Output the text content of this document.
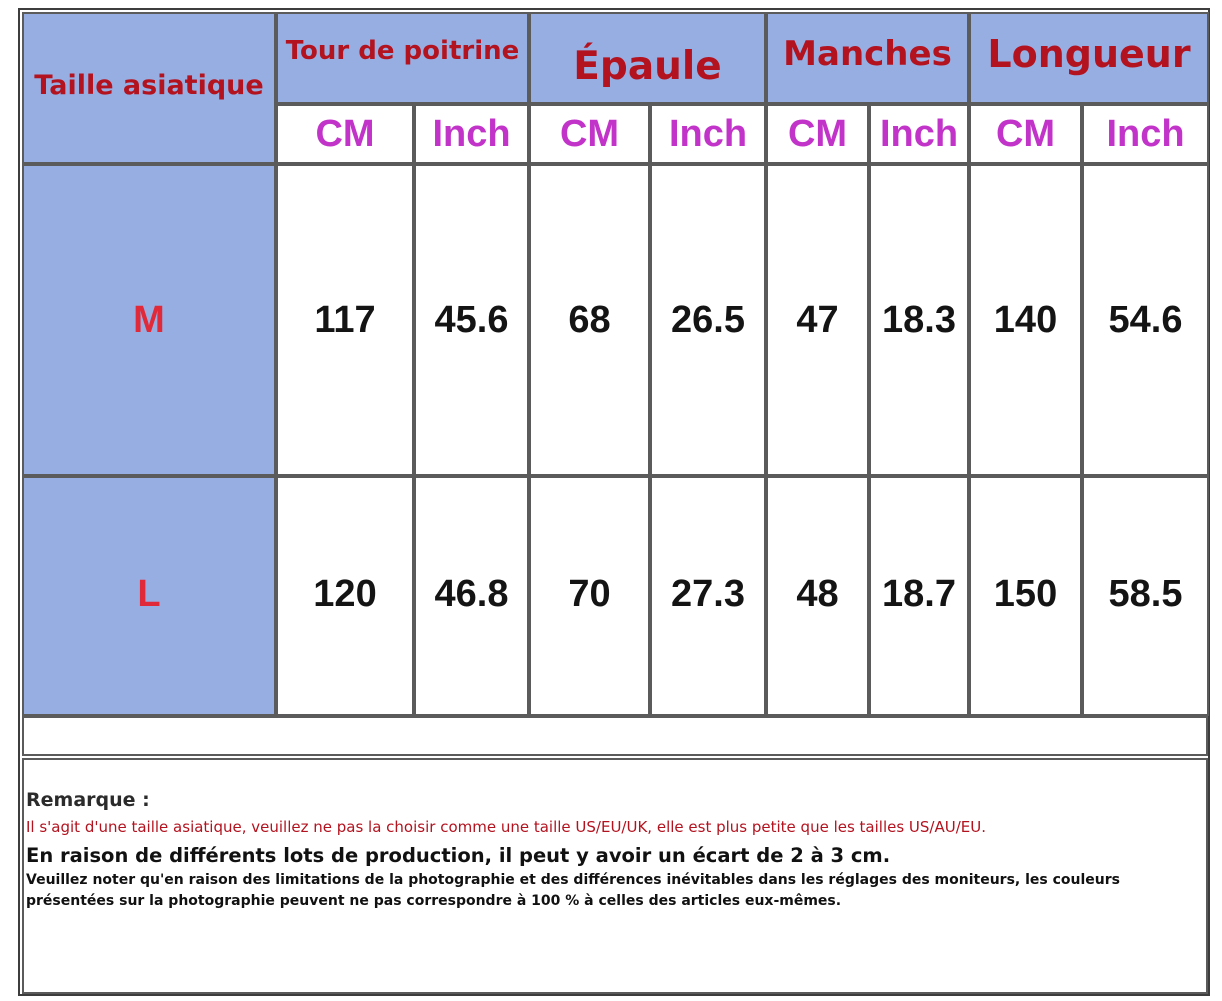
Taille asiatique
Tour de poitrine Épaule Manches Longueur
CM Inch CM Inch CM Inch CM Inch
M	117 45.6 68 26.5 47 18.3 140 54.6
L	120 46.8 70 27.3 48 18.7 150 58.5
Remarque :
Il s'agit d'une taille asiatique, veuillez ne pas la choisir comme une taille US/EU/UK, elle est plus petite que les tailles US/AU/EU.
En raison de différents lots de production, il peut y avoir un écart de 2 à 3 cm.
Veuillez noter qu'en raison des limitations de la photographie et des différences inévitables dans les réglages des moniteurs, les couleurs présentées sur la photographie peuvent ne pas correspondre à 100 % à celles des articles eux-mêmes.
